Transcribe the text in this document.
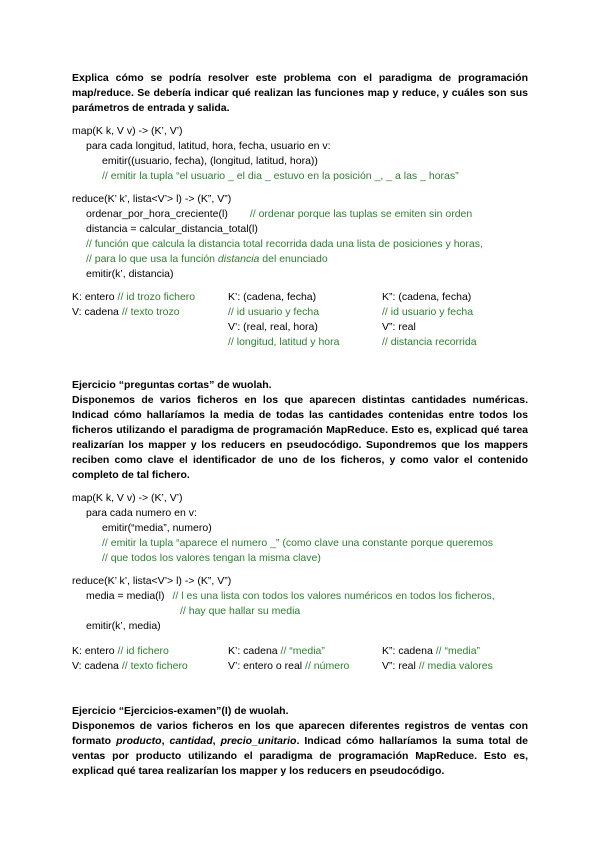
Explica cómo se podría resolver este problema con el paradigma de programación map/reduce. Se debería indicar qué realizan las funciones map y reduce, y cuáles son sus parámetros de entrada y salida.

map(K k, V v) -> (K’, V’)
para cada longitud, latitud, hora, fecha, usuario en v:
emitir((usuario, fecha), (longitud, latitud, hora))
// emitir la tupla “el usuario _ el dia _ estuvo en la posición _, _ a las _ horas”
reduce(K’ k’, lista<V’> l) -> (K”, V”)
ordenar_por_hora_creciente(l) // ordenar porque las tuplas se emiten sin orden
distancia = calcular_distancia_total(l)
// función que calcula la distancia total recorrida dada una lista de posiciones y horas,
// para lo que usa la función distancia del enunciado
emitir(k’, distancia)
K: entero // id trozo fichero
V: cadena // texto trozo
K’: (cadena, fecha)
// id usuario y fecha
V’: (real, real, hora)
// longitud, latitud y hora
K”: (cadena, fecha)
// id usuario y fecha
V”: real
// distancia recorrida

Ejercicio “preguntas cortas” de wuolah.

Disponemos de varios ficheros en los que aparecen distintas cantidades numéricas. Indicad cómo hallaríamos la media de todas las cantidades contenidas entre todos los ficheros utilizando el paradigma de programación MapReduce. Esto es, explicad qué tarea realizarían los mapper y los reducers en pseudocódigo. Supondremos que los mappers reciben como clave el identificador de uno de los ficheros, y como valor el contenido completo de tal fichero.

map(K k, V v) -> (K’, V’)
para cada numero en v:
emitir(“media”, numero)
// emitir la tupla “aparece el numero _” (como clave una constante porque queremos
// que todos los valores tengan la misma clave)
reduce(K’ k’, lista<V’> l) -> (K”, V”)
media = media(l) // l es una lista con todos los valores numéricos en todos los ficheros,
// hay que hallar su media
emitir(k’, media)
K: entero // id fichero
V: cadena // texto fichero
K’: cadena // “media”
V’: entero o real // número
K”: cadena // “media”
V”: real // media valores

Ejercicio “Ejercicios-examen”(I) de wuolah.

Disponemos de varios ficheros en los que aparecen diferentes registros de ventas con formato producto, cantidad, precio_unitario. Indicad cómo hallaríamos la suma total de ventas por producto utilizando el paradigma de programación MapReduce. Esto es, explicad qué tarea realizarían los mapper y los reducers en pseudocódigo.
